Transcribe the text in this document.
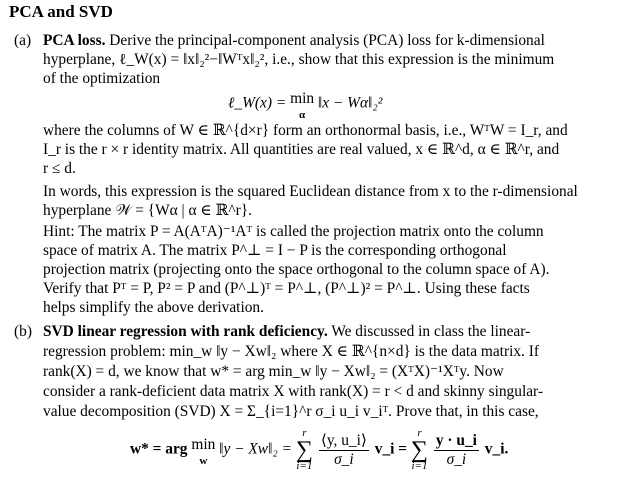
PCA and SVD
(a) PCA loss. Derive the principal-component analysis (PCA) loss for k-dimensional
hyperplane, ℓ_W(x) = ‖x‖₂²−‖Wᵀx‖₂², i.e., show that this expression is the minimum
of the optimization
ℓ_W(x) = min
α
‖x − Wα‖₂²
where the columns of W ∈ ℝ^{d×r} form an orthonormal basis, i.e., WᵀW = I_r, and
I_r is the r × r identity matrix. All quantities are real valued, x ∈ ℝ^d, α ∈ ℝ^r, and
r ≤ d.
In words, this expression is the squared Euclidean distance from x to the r-dimensional
hyperplane 𝒲 = {Wα | α ∈ ℝ^r}.
Hint: The matrix P = A(AᵀA)⁻¹Aᵀ is called the projection matrix onto the column
space of matrix A. The matrix P^⊥ = I − P is the corresponding orthogonal
projection matrix (projecting onto the space orthogonal to the column space of A).
Verify that Pᵀ = P, P² = P and (P^⊥)ᵀ = P^⊥, (P^⊥)² = P^⊥. Using these facts
helps simplify the above derivation.
(b) SVD linear regression with rank deficiency. We discussed in class the linear-
regression problem: min_w ‖y − Xw‖₂ where X ∈ ℝ^{n×d} is the data matrix. If
rank(X) = d, we know that w* = arg min_w ‖y − Xw‖₂ = (XᵀX)⁻¹Xᵀy. Now
consider a rank-deficient data matrix X with rank(X) = r < d and skinny singular-
value decomposition (SVD) X = Σ_{i=1}^r σ_i u_i v_iᵀ. Prove that, in this case,
w* = arg min
w
‖y − Xw‖₂ =
r
∑
i=1
$\frac{⟨y, u\_i⟩}{\sigma\_i}$ v_i =
r
∑
i=1
$\frac{y \cdot u\_i}{\sigma\_i}$ v_i.
